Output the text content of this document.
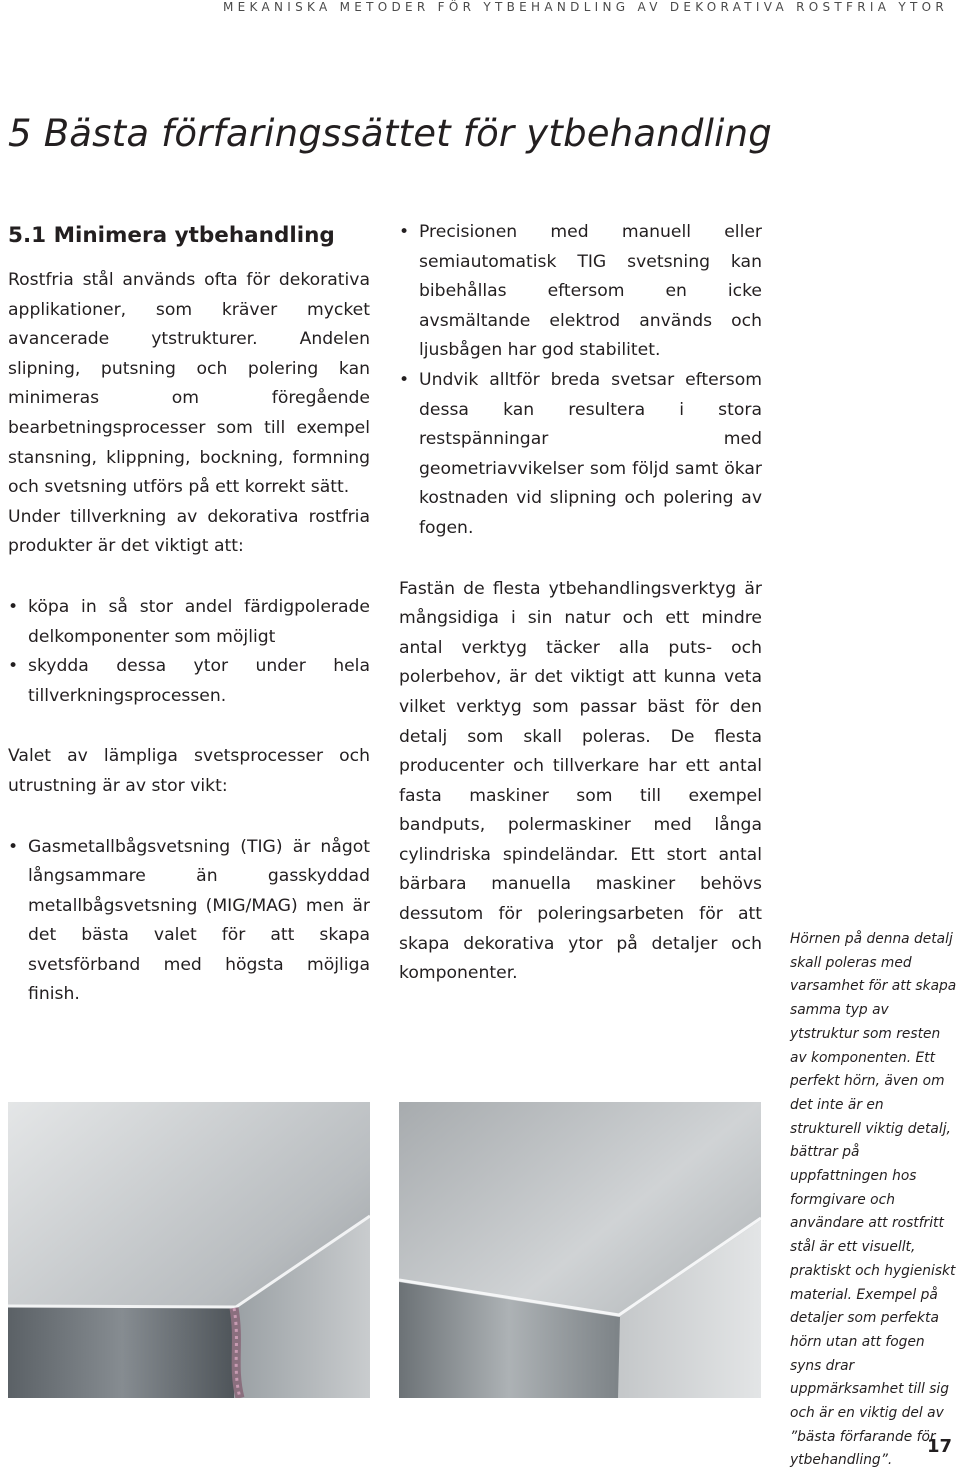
MEKANISKA METODER FÖR YTBEHANDLING AV DEKORATIVA ROSTFRIA YTOR
5 Bästa förfaringssättet för ytbehandling
5.1 Minimera ytbehandling

Rostfria stål används ofta för dekorativa applikationer, som kräver mycket avancerade ytstrukturer. Andelen slipning, putsning och polering kan minimeras om föregående bearbetningsprocesser som till exempel stansning, klippning, bockning, formning och svetsning utförs på ett korrekt sätt.

Under tillverkning av dekorativa rostfria produkter är det viktigt att:

• köpa in så stor andel färdigpolerade delkomponenter som möjligt
• skydda dessa ytor under hela tillverkningsprocessen.

Valet av lämpliga svetsprocesser och utrustning är av stor vikt:

• Gasmetallbågsvetsning (TIG) är något långsammare än gasskyddad metallbågsvetsning (MIG/MAG) men är det bästa valet för att skapa svetsförband med högsta möjliga finish.
• Precisionen med manuell eller semiautomatisk TIG svetsning kan bibehållas eftersom en icke avsmältande elektrod används och ljusbågen har god stabilitet.
• Undvik alltför breda svetsar eftersom dessa kan resultera i stora restspänningar med geometriavvikelser som följd samt ökar kostnaden vid slipning och polering av fogen.

Fastän de flesta ytbehandlingsverktyg är mångsidiga i sin natur och ett mindre antal verktyg täcker alla puts- och polerbehov, är det viktigt att kunna veta vilket verktyg som passar bäst för den detalj som skall poleras. De flesta producenter och tillverkare har ett antal fasta maskiner som till exempel bandputs, polermaskiner med långa cylindriska spindeländar. Ett stort antal bärbara manuella maskiner behövs dessutom för poleringsarbeten för att skapa dekorativa ytor på detaljer och komponenter.

Hörnen på denna detalj skall poleras med varsamhet för att skapa samma typ av ytstruktur som resten av komponenten. Ett perfekt hörn, även om det inte är en strukturell viktig detalj, bättrar på uppfattningen hos formgivare och användare att rostfritt stål är ett visuellt, praktiskt och hygieniskt material. Exempel på detaljer som perfekta hörn utan att fogen syns drar uppmärksamhet till sig och är en viktig del av ”bästa förfarande för ytbehandling”.
17
